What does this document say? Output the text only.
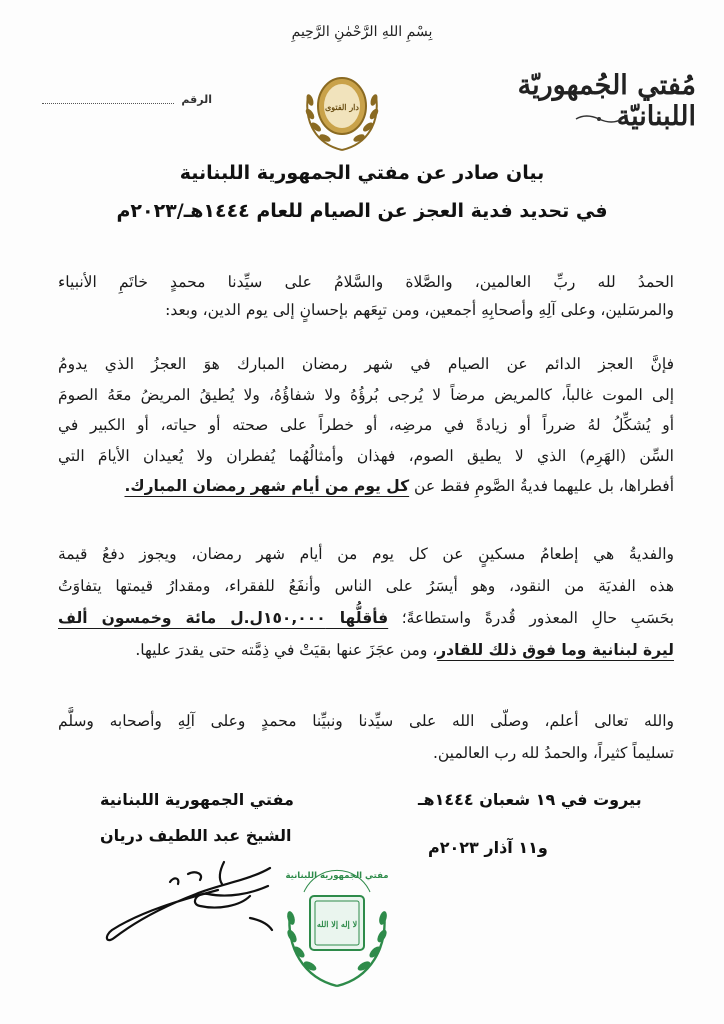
بِسْمِ اللهِ الرَّحْمٰنِ الرَّحِيمِ
مُفتي الجُمهوريّة اللبنانيّة
الرقم
دار الفتوى
بيان صادر عن مفتي الجمهورية اللبنانية
في تحديد فدية العجز عن الصيام للعام ١٤٤٤هـ/٢٠٢٣م
الحمدُ لله ربِّ العالمين، والصَّلاة والسَّلامُ على سيِّدنا محمدٍ خاتَمِ الأنبياء
والمرسَلين، وعلى آلِهِ وأصحابِهِ أجمعين، ومن تبِعَهم بإحسانٍ إلى يوم الدين، وبعد:
فإنَّ العجز الدائم عن الصيام في شهر رمضان المبارك هوَ العجزُ الذي يدومُ
إلى الموت غالباً، كالمريض مرضاً لا يُرجى بُرؤُهُ ولا شفاؤُهُ، ولا يُطيقُ المريضُ معَهُ الصومَ
أو يُشكِّلُ لهُ ضرراً أو زيادةً في مرضِه، أو خطراً على صحته أو حياته، أو الكبير في
السِّن (الهَرِم) الذي لا يطيق الصوم، فهذان وأمثالُهُما يُفطران ولا يُعيدان الأيامَ التي
أفطراها، بل عليهما فديةُ الصَّومِ فقط عن كل يوم من أيام شهر رمضان المبارك.
والفديةُ هي إطعامُ مسكينٍ عن كل يوم من أيام شهر رمضان، ويجوز دفعُ قيمة
هذه الفديَة من النقود، وهو أيسَرُ على الناس وأنفَعُ للفقراء، ومقدارُ قيمتها يتفاوَتُ
بحَسَبِ حالِ المعذور قُدرةً واستطاعةً؛ فأقلُّها ١٥٠,٠٠٠ل.ل مائة وخمسون ألف
ليرة لبنانية وما فوق ذلك للقادر، ومن عجَزَ عنها بقيَتْ في ذِمَّته حتى يقدرَ عليها.
والله تعالى أعلم، وصلّى الله على سيِّدنا ونبيِّنا محمدٍ وعلى آلِهِ وأصحابه وسلَّم
تسليماً كثيراً، والحمدُ لله رب العالمين.
مفتي الجمهورية اللبنانية
الشيخ عبد اللطيف دريان
بيروت في ١٩ شعبان ١٤٤٤هـ
و١١ آذار ٢٠٢٣م
مفتي الجمهورية اللبنانية
لا إله إلا الله
